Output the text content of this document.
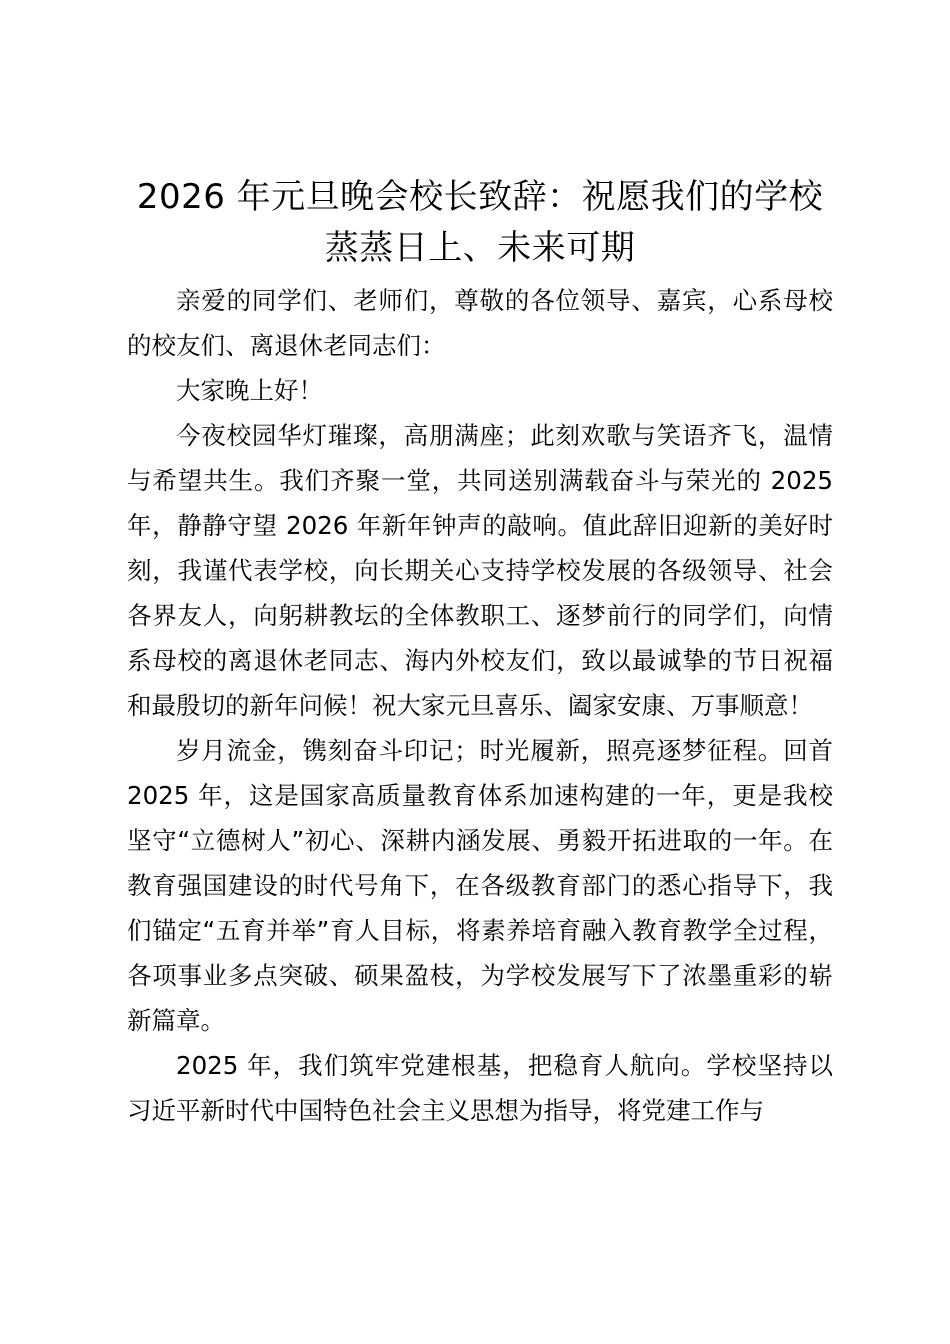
2026 年元旦晚会校长致辞：祝愿我们的学校
蒸蒸日上、未来可期

亲爱的同学们、老师们，尊敬的各位领导、嘉宾，心系母校的校友们、离退休老同志们：

大家晚上好！

今夜校园华灯璀璨，高朋满座；此刻欢歌与笑语齐飞，温情与希望共生。我们齐聚一堂，共同送别满载奋斗与荣光的 2025 年，静静守望 2026 年新年钟声的敲响。值此辞旧迎新的美好时刻，我谨代表学校，向长期关心支持学校发展的各级领导、社会各界友人，向躬耕教坛的全体教职工、逐梦前行的同学们，向情系母校的离退休老同志、海内外校友们，致以最诚挚的节日祝福和最殷切的新年问候！祝大家元旦喜乐、阖家安康、万事顺意！

岁月流金，镌刻奋斗印记；时光履新，照亮逐梦征程。回首 2025 年，这是国家高质量教育体系加速构建的一年，更是我校坚守“立德树人”初心、深耕内涵发展、勇毅开拓进取的一年。在教育强国建设的时代号角下，在各级教育部门的悉心指导下，我们锚定“五育并举”育人目标，将素养培育融入教育教学全过程，各项事业多点突破、硕果盈枝，为学校发展写下了浓墨重彩的崭新篇章。

2025 年，我们筑牢党建根基，把稳育人航向。学校坚持以习近平新时代中国特色社会主义思想为指导，将党建工作与
